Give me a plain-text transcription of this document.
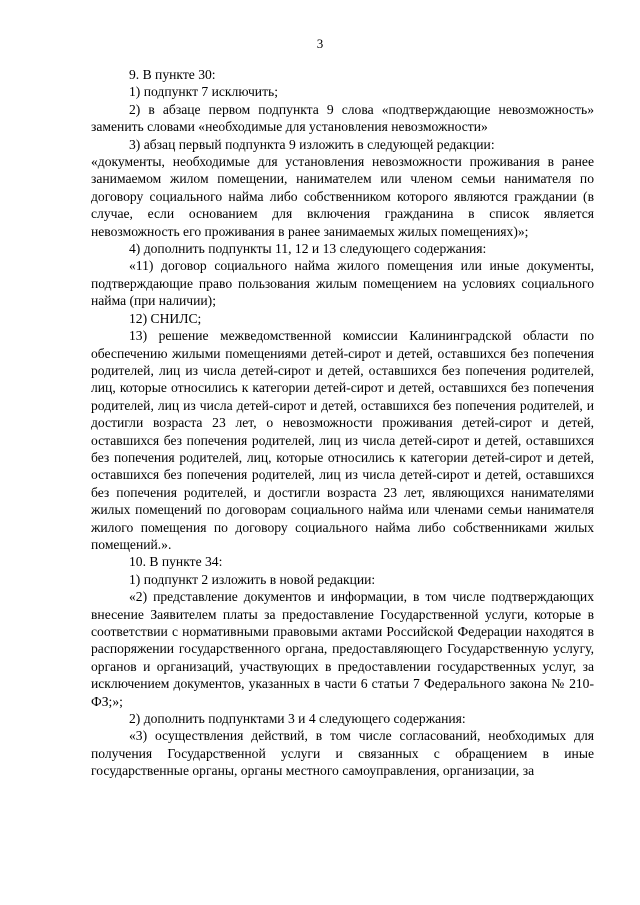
3

9. В пункте 30:

1) подпункт 7 исключить;

2) в абзаце первом подпункта 9 слова «подтверждающие невозможность» заменить словами «необходимые для установления невозможности»

3) абзац первый подпункта 9 изложить в следующей редакции:

«документы, необходимые для установления невозможности проживания в ранее занимаемом жилом помещении, нанимателем или членом семьи нанимателя по договору социального найма либо собственником которого являются граждании (в случае, если основанием для включения гражданина в список является невозможность его проживания в ранее занимаемых жилых помещениях)»;

4) дополнить подпункты 11, 12 и 13 следующего содержания:

«11) договор социального найма жилого помещения или иные документы, подтверждающие право пользования жилым помещением на условиях социального найма (при наличии);

12) СНИЛС;

13) решение межведомственной комиссии Калининградской области по обеспечению жилыми помещениями детей-сирот и детей, оставшихся без попечения родителей, лиц из числа детей-сирот и детей, оставшихся без попечения родителей, лиц, которые относились к категории детей-сирот и детей, оставшихся без попечения родителей, лиц из числа детей-сирот и детей, оставшихся без попечения родителей, и достигли возраста 23 лет, о невозможности проживания детей-сирот и детей, оставшихся без попечения родителей, лиц из числа детей-сирот и детей, оставшихся без попечения родителей, лиц, которые относились к категории детей-сирот и детей, оставшихся без попечения родителей, лиц из числа детей-сирот и детей, оставшихся без попечения родителей, и достигли возраста 23 лет, являющихся нанимателями жилых помещений по договорам социального найма или членами семьи нанимателя жилого помещения по договору социального найма либо собственниками жилых помещений.».

10. В пункте 34:

1) подпункт 2 изложить в новой редакции:

«2) представление документов и информации, в том числе подтверждающих внесение Заявителем платы за предоставление Государственной услуги, которые в соответствии с нормативными правовыми актами Российской Федерации находятся в распоряжении государственного органа, предоставляющего Государственную услугу, органов и организаций, участвующих в предоставлении государственных услуг, за исключением документов, указанных в части 6 статьи 7 Федерального закона № 210-ФЗ;»;

2) дополнить подпунктами 3 и 4 следующего содержания:

«3) осуществления действий, в том числе согласований, необходимых для получения Государственной услуги и связанных с обращением в иные государственные органы, органы местного самоуправления, организации, за
